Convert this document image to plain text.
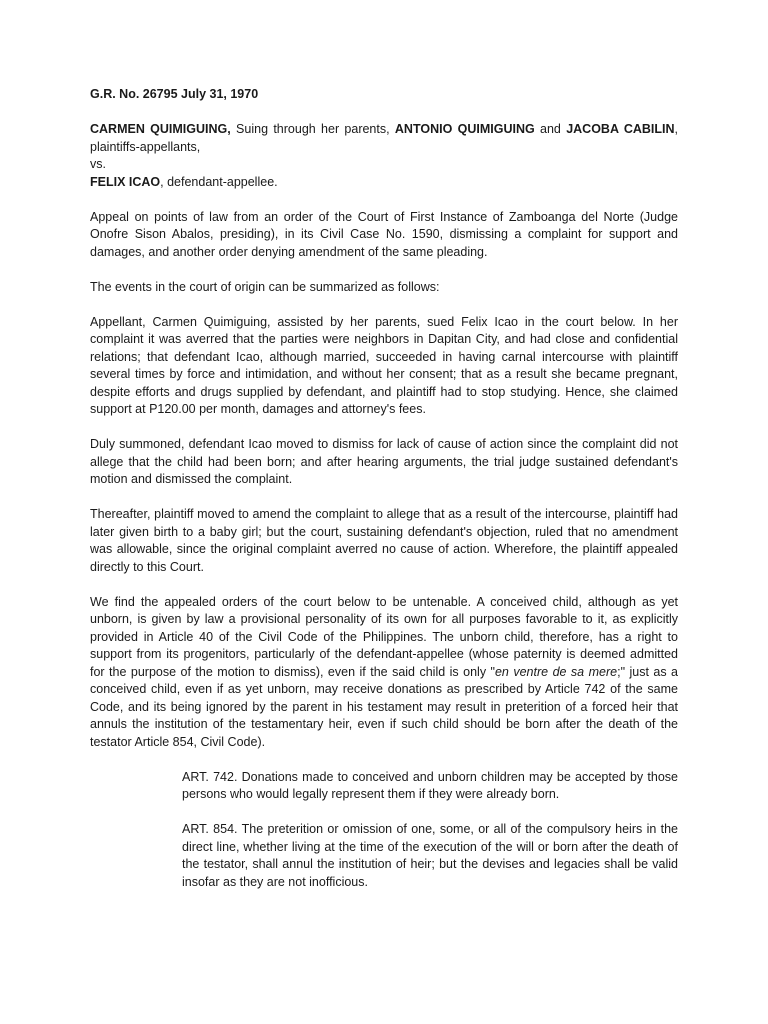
G.R. No. 26795 July 31, 1970

CARMEN QUIMIGUING, Suing through her parents, ANTONIO QUIMIGUING and JACOBA CABILIN, plaintiffs-appellants,
vs.
FELIX ICAO, defendant-appellee.

Appeal on points of law from an order of the Court of First Instance of Zamboanga del Norte (Judge Onofre Sison Abalos, presiding), in its Civil Case No. 1590, dismissing a complaint for support and damages, and another order denying amendment of the same pleading.

The events in the court of origin can be summarized as follows:

Appellant, Carmen Quimiguing, assisted by her parents, sued Felix Icao in the court below. In her complaint it was averred that the parties were neighbors in Dapitan City, and had close and confidential relations; that defendant Icao, although married, succeeded in having carnal intercourse with plaintiff several times by force and intimidation, and without her consent; that as a result she became pregnant, despite efforts and drugs supplied by defendant, and plaintiff had to stop studying. Hence, she claimed support at P120.00 per month, damages and attorney's fees.

Duly summoned, defendant Icao moved to dismiss for lack of cause of action since the complaint did not allege that the child had been born; and after hearing arguments, the trial judge sustained defendant's motion and dismissed the complaint.

Thereafter, plaintiff moved to amend the complaint to allege that as a result of the intercourse, plaintiff had later given birth to a baby girl; but the court, sustaining defendant's objection, ruled that no amendment was allowable, since the original complaint averred no cause of action. Wherefore, the plaintiff appealed directly to this Court.

We find the appealed orders of the court below to be untenable. A conceived child, although as yet unborn, is given by law a provisional personality of its own for all purposes favorable to it, as explicitly provided in Article 40 of the Civil Code of the Philippines. The unborn child, therefore, has a right to support from its progenitors, particularly of the defendant-appellee (whose paternity is deemed admitted for the purpose of the motion to dismiss), even if the said child is only "en ventre de sa mere;" just as a conceived child, even if as yet unborn, may receive donations as prescribed by Article 742 of the same Code, and its being ignored by the parent in his testament may result in preterition of a forced heir that annuls the institution of the testamentary heir, even if such child should be born after the death of the testator Article 854, Civil Code).

ART. 742. Donations made to conceived and unborn children may be accepted by those persons who would legally represent them if they were already born.

ART. 854. The preterition or omission of one, some, or all of the compulsory heirs in the direct line, whether living at the time of the execution of the will or born after the death of the testator, shall annul the institution of heir; but the devises and legacies shall be valid insofar as they are not inofficious.
